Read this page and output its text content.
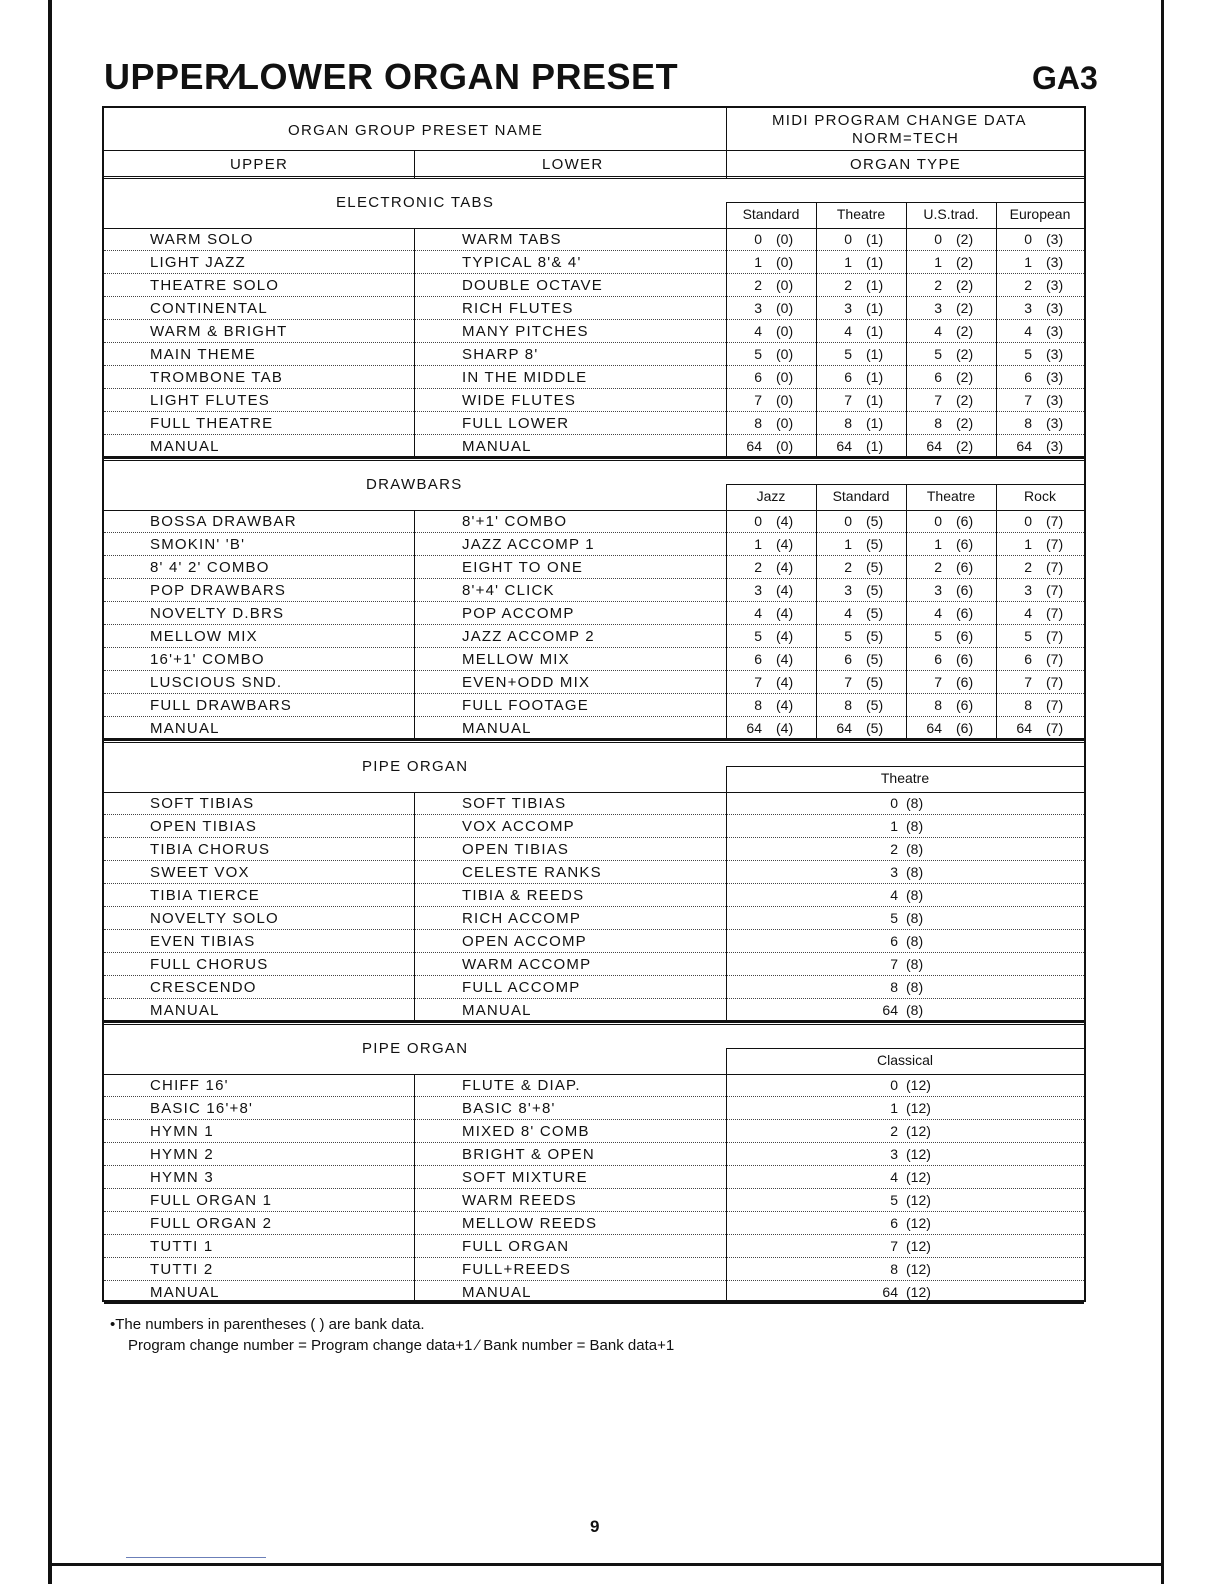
UPPER∕LOWER ORGAN PRESET	GA3
ORGAN GROUP PRESET NAME
MIDI PROGRAM CHANGE DATA
NORM=TECH
UPPER	LOWER	ORGAN TYPE
ELECTRONIC TABS
Standard	Theatre	U.S.trad.	European
WARM SOLO	WARM TABS	0 (0)	0 (1)	0 (2)	0 (3)
LIGHT JAZZ	TYPICAL 8'& 4'	1 (0)	1 (1)	1 (2)	1 (3)
THEATRE SOLO	DOUBLE OCTAVE	2 (0)	2 (1)	2 (2)	2 (3)
CONTINENTAL	RICH FLUTES	3 (0)	3 (1)	3 (2)	3 (3)
WARM & BRIGHT	MANY PITCHES	4 (0)	4 (1)	4 (2)	4 (3)
MAIN THEME	SHARP 8'	5 (0)	5 (1)	5 (2)	5 (3)
TROMBONE TAB	IN THE MIDDLE	6 (0)	6 (1)	6 (2)	6 (3)
LIGHT FLUTES	WIDE FLUTES	7 (0)	7 (1)	7 (2)	7 (3)
FULL THEATRE	FULL LOWER	8 (0)	8 (1)	8 (2)	8 (3)
MANUAL	MANUAL	64 (0)	64 (1)	64 (2)	64 (3)
DRAWBARS
Jazz	Standard	Theatre	Rock
BOSSA DRAWBAR	8'+1' COMBO	0 (4)	0 (5)	0 (6)	0 (7)
SMOKIN' 'B'	JAZZ ACCOMP 1	1 (4)	1 (5)	1 (6)	1 (7)
8' 4' 2' COMBO	EIGHT TO ONE	2 (4)	2 (5)	2 (6)	2 (7)
POP DRAWBARS	8'+4' CLICK	3 (4)	3 (5)	3 (6)	3 (7)
NOVELTY D.BRS	POP ACCOMP	4 (4)	4 (5)	4 (6)	4 (7)
MELLOW MIX	JAZZ ACCOMP 2	5 (4)	5 (5)	5 (6)	5 (7)
16'+1' COMBO	MELLOW MIX	6 (4)	6 (5)	6 (6)	6 (7)
LUSCIOUS SND.	EVEN+ODD MIX	7 (4)	7 (5)	7 (6)	7 (7)
FULL DRAWBARS	FULL FOOTAGE	8 (4)	8 (5)	8 (6)	8 (7)
MANUAL	MANUAL	64 (4)	64 (5)	64 (6)	64 (7)
PIPE ORGAN
Theatre
SOFT TIBIAS	SOFT TIBIAS	0 (8)
OPEN TIBIAS	VOX ACCOMP	1 (8)
TIBIA CHORUS	OPEN TIBIAS	2 (8)
SWEET VOX	CELESTE RANKS	3 (8)
TIBIA TIERCE	TIBIA & REEDS	4 (8)
NOVELTY SOLO	RICH ACCOMP	5 (8)
EVEN TIBIAS	OPEN ACCOMP	6 (8)
FULL CHORUS	WARM ACCOMP	7 (8)
CRESCENDO	FULL ACCOMP	8 (8)
MANUAL	MANUAL	64 (8)
PIPE ORGAN
Classical
CHIFF 16'	FLUTE & DIAP.	0 (12)
BASIC 16'+8'	BASIC 8'+8'	1 (12)
HYMN 1	MIXED 8' COMB	2 (12)
HYMN 2	BRIGHT & OPEN	3 (12)
HYMN 3	SOFT MIXTURE	4 (12)
FULL ORGAN 1	WARM REEDS	5 (12)
FULL ORGAN 2	MELLOW REEDS	6 (12)
TUTTI 1	FULL ORGAN	7 (12)
TUTTI 2	FULL+REEDS	8 (12)
MANUAL	MANUAL	64 (12)
•The numbers in parentheses ( ) are bank data.
Program change number = Program change data+1 ∕ Bank number = Bank data+1
9
